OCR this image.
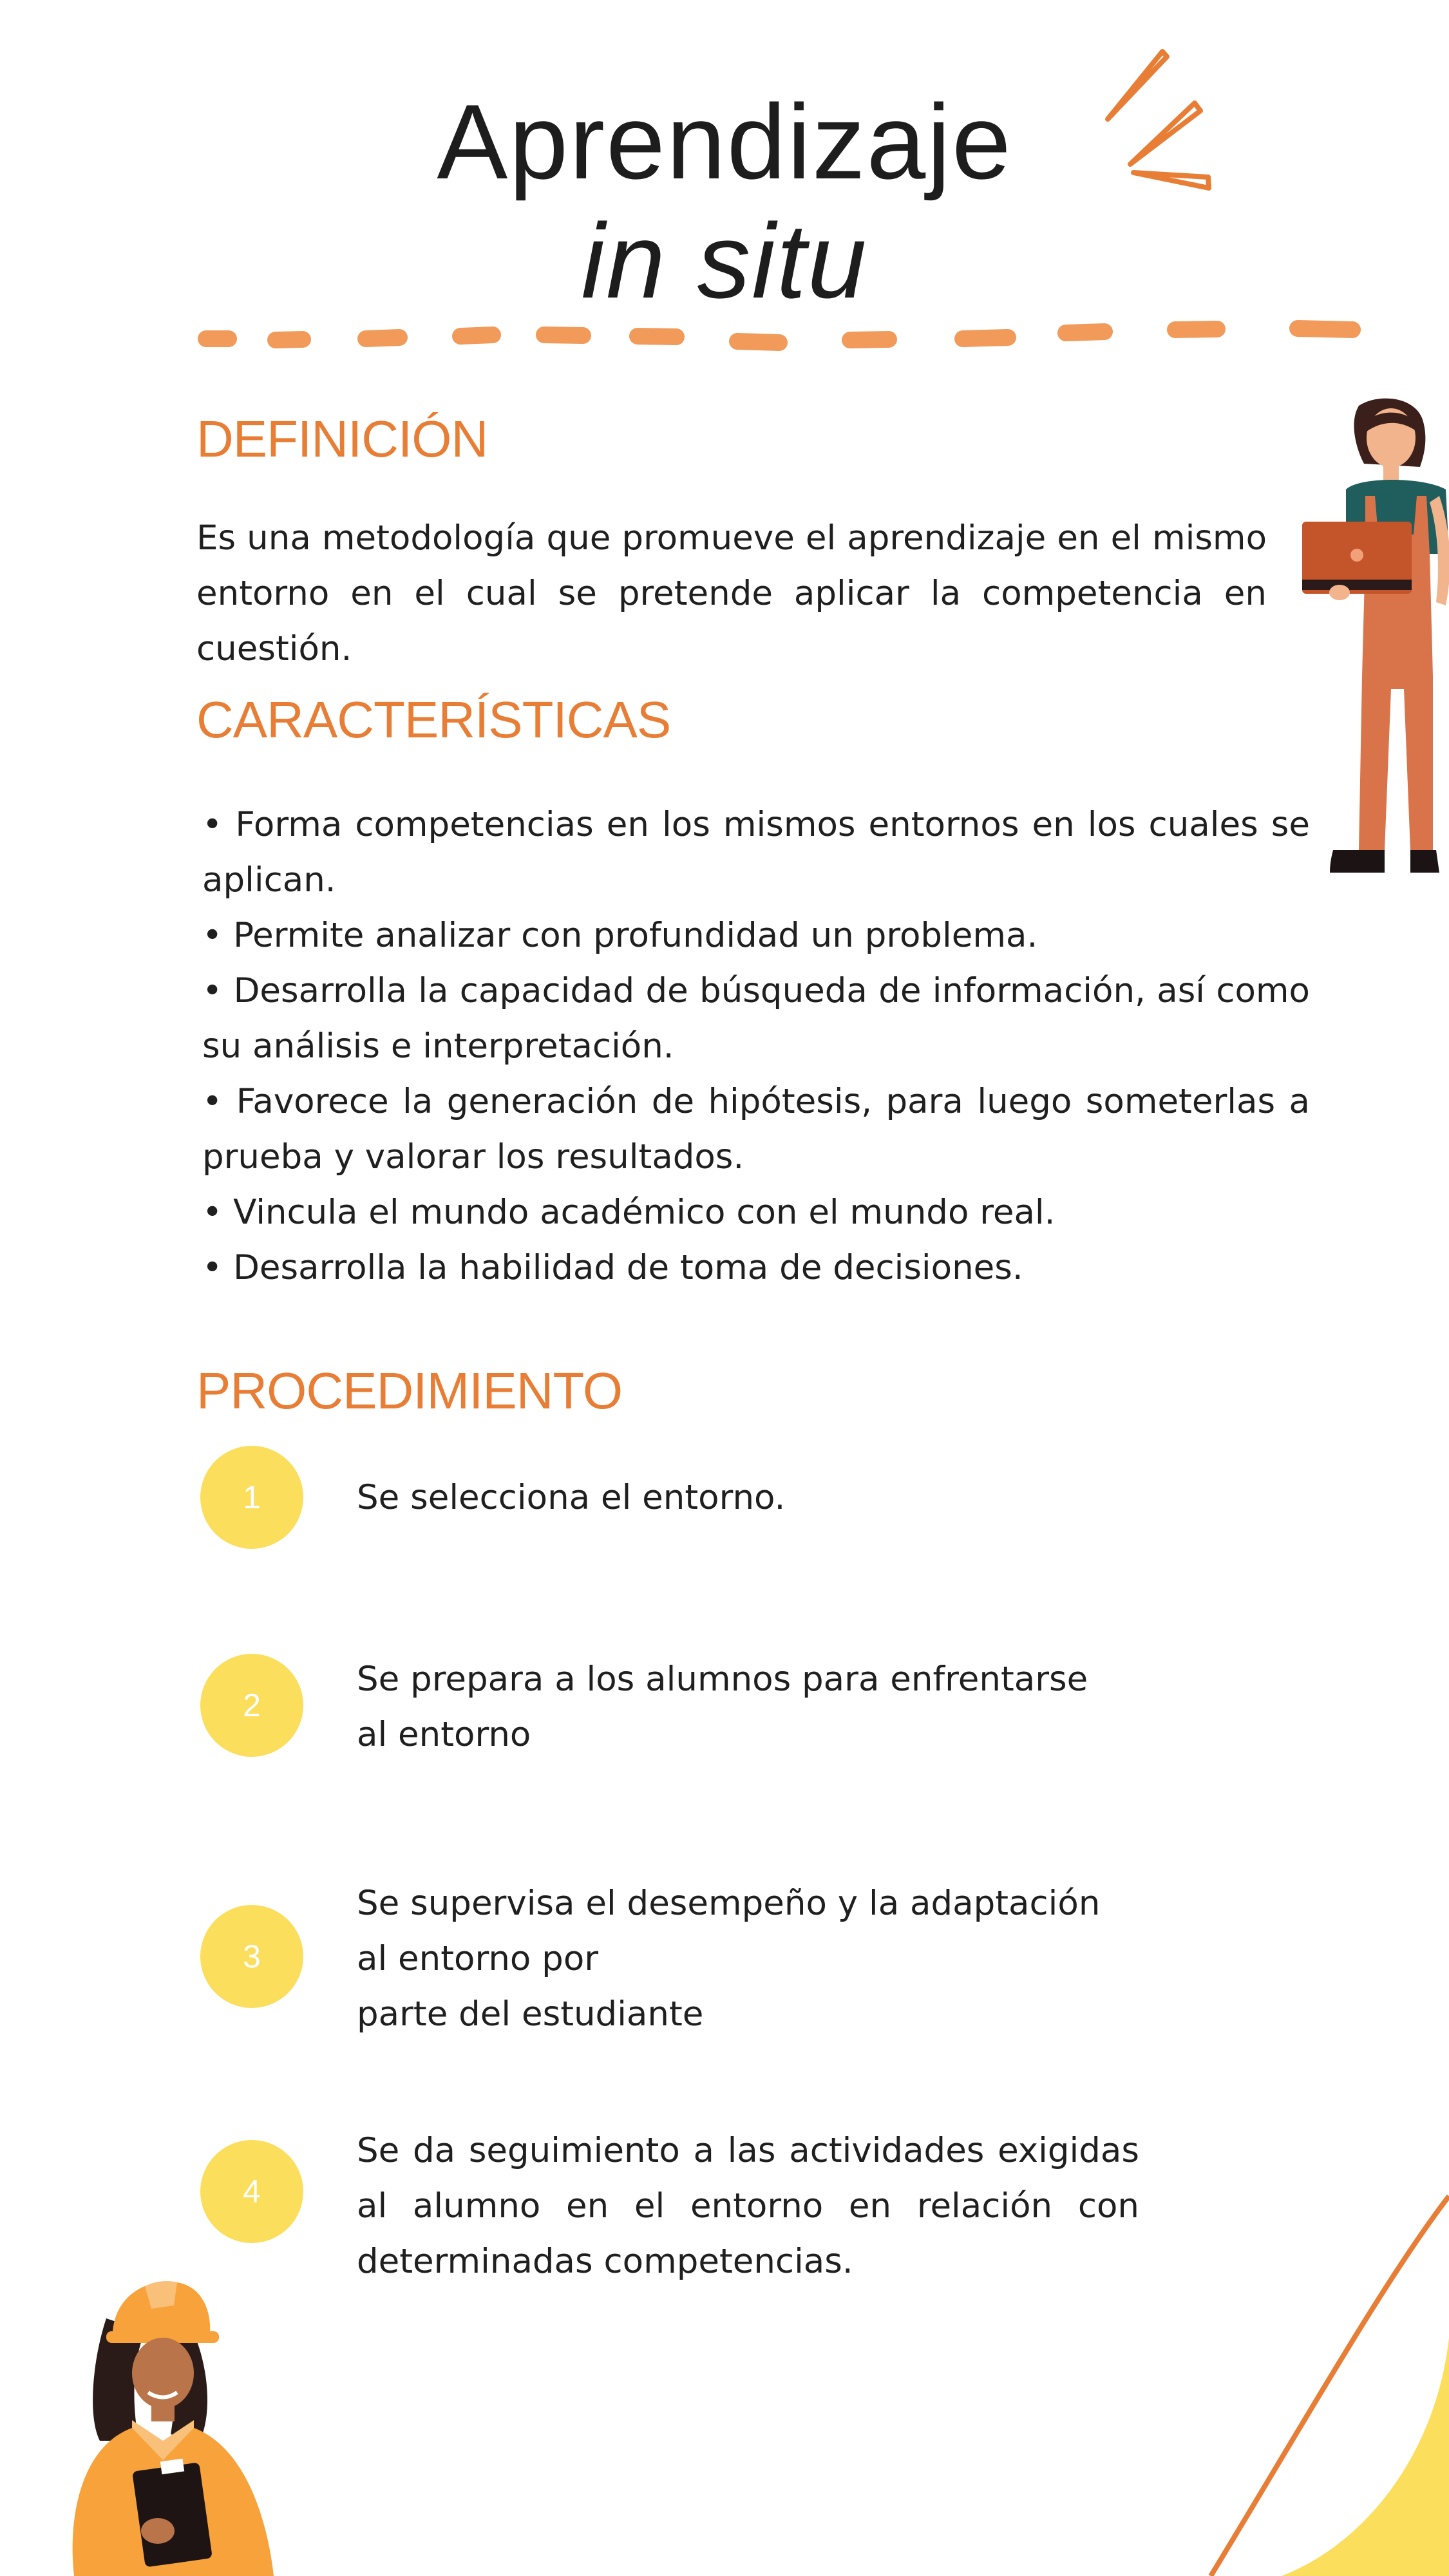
Aprendizaje
in situ
DEFINICIÓN

Es una metodología que promueve el aprendizaje en el mismo entorno en el cual se pretende aplicar la competencia en cuestión.

CARACTERÍSTICAS
• Forma competencias en los mismos entornos en los cuales se aplican.
• Permite analizar con profundidad un problema.
• Desarrolla la capacidad de búsqueda de información, así como su análisis e interpretación.
• Favorece la generación de hipótesis, para luego someterlas a prueba y valorar los resultados.
• Vincula el mundo académico con el mundo real.
• Desarrolla la habilidad de toma de decisiones.
PROCEDIMIENTO
1	Se selecciona el entorno.
2
Se prepara a los alumnos para enfrentarse
al entorno
3
Se supervisa el desempeño y la adaptación
al entorno por
parte del estudiante
4
Se da seguimiento a las actividades exigidas al alumno en el entorno en relación con determinadas competencias.
